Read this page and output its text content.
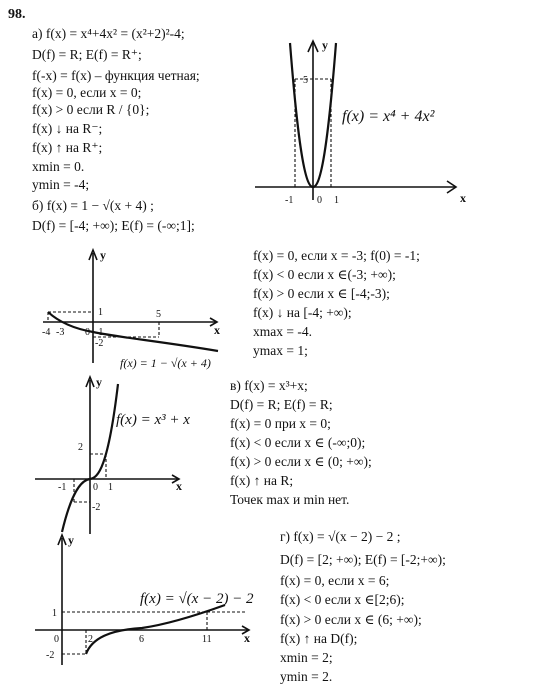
98.
а) f(x) = x⁴+4x² = (x²+2)²-4;
D(f) = R; E(f) = R⁺;
f(-x) = f(x) – функция четная;
f(x) = 0, если x = 0;
f(x) > 0 если R / {0};
f(x) ↓ на R⁻;
f(x) ↑ на R⁺;
xmin = 0.
ymin = -4;
б) f(x) = 1 − √(x + 4) ;
D(f) = [-4; +∞); E(f) = (-∞;1];
y
x
5
-1 0 1
f(x) = x⁴ + 4x²
y
x
1
-4 -3 0 -1
-2
5
f(x) = 1 − √(x + 4)
f(x) = 0, если x = -3; f(0) = -1;
f(x) < 0 если x ∈(-3; +∞);
f(x) > 0 если x ∈ [-4;-3);
f(x) ↓ на [-4; +∞);
xmax = -4.
ymax = 1;
y
x
2
-1	0 1
-2
f(x) = x³ + x
в) f(x) = x³+x;
D(f) = R; E(f) = R;
f(x) = 0 при x = 0;
f(x) < 0 если x ∈ (-∞;0);
f(x) > 0 если x ∈ (0; +∞);
f(x) ↑ на R;
Точек max и min нет.
y
x
1
0	2	6	11
-2
f(x) = √(x − 2) − 2
г) f(x) = √(x − 2) − 2 ;
D(f) = [2; +∞); E(f) = [-2;+∞);
f(x) = 0, если x = 6;
f(x) < 0 если x ∈[2;6);
f(x) > 0 если x ∈ (6; +∞);
f(x) ↑ на D(f);
xmin = 2;
ymin = 2.
